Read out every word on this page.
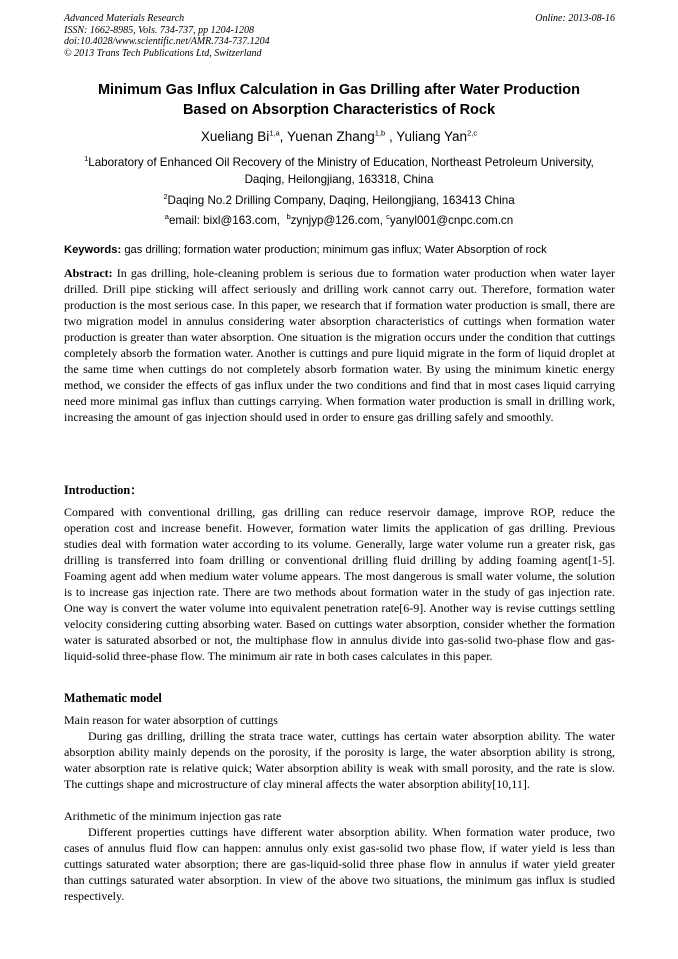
Advanced Materials Research
ISSN: 1662-8985, Vols. 734-737, pp 1204-1208
doi:10.4028/www.scientific.net/AMR.734-737.1204
© 2013 Trans Tech Publications Ltd, Switzerland
Online: 2013-08-16
Minimum Gas Influx Calculation in Gas Drilling after Water Production
Based on Absorption Characteristics of Rock
Xueliang Bi$^{1,a}$, Yuenan Zhang$^{1,b}$ , Yuliang Yan$^{2,c}$
$^1$Laboratory of Enhanced Oil Recovery of the Ministry of Education, Northeast Petroleum University,
Daqing, Heilongjiang, 163318, China
$^2$Daqing No.2 Drilling Company, Daqing, Heilongjiang, 163413 China
$^a$email: bixl@163.com, $^b$zynjyp@126.com, $^c$yanyl001@cnpc.com.cn
Keywords: gas drilling; formation water production; minimum gas influx; Water Absorption of rock
Abstract: In gas drilling, hole-cleaning problem is serious due to formation water production when water layer drilled. Drill pipe sticking will affect seriously and drilling work cannot carry out. Therefore, formation water production is the most serious case. In this paper, we research that if formation water production is small, there are two migration model in annulus considering water absorption characteristics of cuttings when formation water production is greater than water absorption. One situation is the migration occurs under the condition that cuttings completely absorb the formation water. Another is cuttings and pure liquid migrate in the form of liquid droplet at the same time when cuttings do not completely absorb formation water. By using the minimum kinetic energy method, we consider the effects of gas influx under the two conditions and find that in most cases liquid carrying need more minimal gas influx than cuttings carrying. When formation water production is small in drilling work, increasing the amount of gas injection should used in order to ensure gas drilling safely and smoothly.
Introduction：
Compared with conventional drilling, gas drilling can reduce reservoir damage, improve ROP, reduce the operation cost and increase benefit. However, formation water limits the application of gas drilling. Previous studies deal with formation water according to its volume. Generally, large water volume run a greater risk, gas drilling is transferred into foam drilling or conventional drilling fluid drilling by adding foaming agent[1-5]. Foaming agent add when medium water volume appears. The most dangerous is small water volume, the solution is to increase gas injection rate. There are two methods about formation water in the study of gas injection rate. One way is convert the water volume into equivalent penetration rate[6-9]. Another way is revise cuttings settling velocity considering cutting absorbing water. Based on cuttings water absorption, consider whether the formation water is saturated absorbed or not, the multiphase flow in annulus divide into gas-solid two-phase flow and gas-liquid-solid three-phase flow. The minimum air rate in both cases calculates in this paper.
Mathematic model
Main reason for water absorption of cuttings
During gas drilling, drilling the strata trace water, cuttings has certain water absorption ability. The water absorption ability mainly depends on the porosity, if the porosity is large, the water absorption ability is strong, water absorption rate is relative quick; Water absorption ability is weak with small porosity, and the rate is slow. The cuttings shape and microstructure of clay mineral affects the water absorption ability[10,11].
Arithmetic of the minimum injection gas rate
Different properties cuttings have different water absorption ability. When formation water produce, two cases of annulus fluid flow can happen: annulus only exist gas-solid two phase flow, if water yield is less than cuttings saturated water absorption; there are gas-liquid-solid three phase flow in annulus if water yield greater than cuttings saturated water absorption. In view of the above two situations, the minimum gas influx is studied respectively.
